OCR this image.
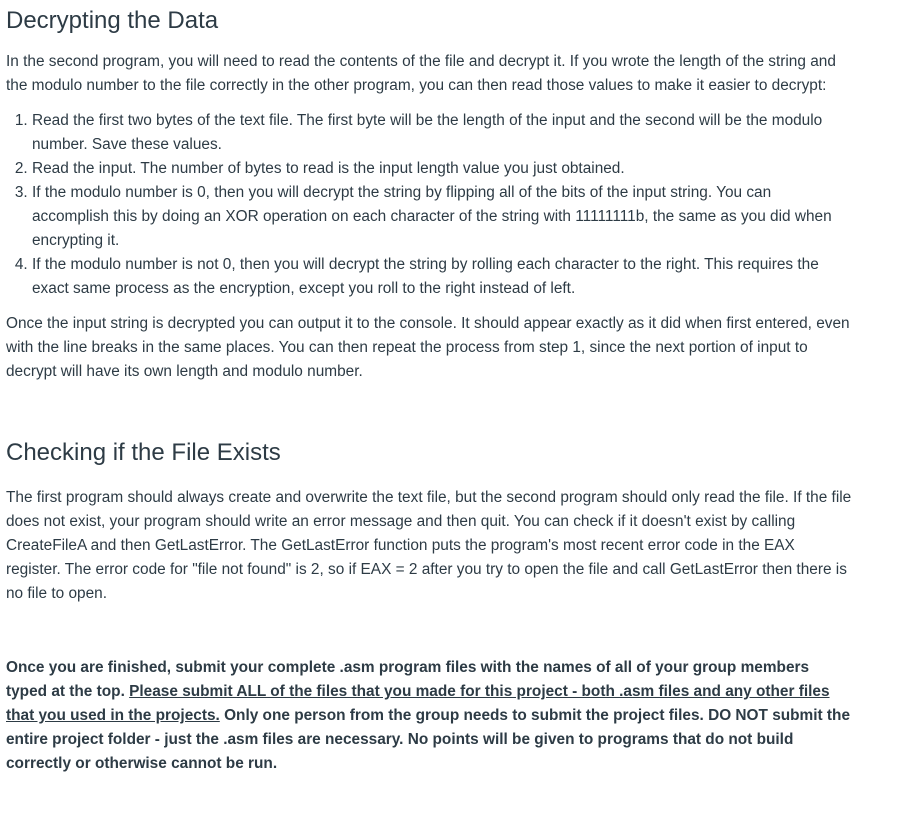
Decrypting the Data

In the second program, you will need to read the contents of the file and decrypt it. If you wrote the length of the string and the modulo number to the file correctly in the other program, you can then read those values to make it easier to decrypt:

1. Read the first two bytes of the text file. The first byte will be the length of the input and the second will be the modulo number. Save these values.
2. Read the input. The number of bytes to read is the input length value you just obtained.
3. If the modulo number is 0, then you will decrypt the string by flipping all of the bits of the input string. You can accomplish this by doing an XOR operation on each character of the string with 11111111b, the same as you did when encrypting it.
4. If the modulo number is not 0, then you will decrypt the string by rolling each character to the right. This requires the exact same process as the encryption, except you roll to the right instead of left.

Once the input string is decrypted you can output it to the console. It should appear exactly as it did when first entered, even with the line breaks in the same places. You can then repeat the process from step 1, since the next portion of input to decrypt will have its own length and modulo number.

Checking if the File Exists

The first program should always create and overwrite the text file, but the second program should only read the file. If the file does not exist, your program should write an error message and then quit. You can check if it doesn't exist by calling CreateFileA and then GetLastError. The GetLastError function puts the program's most recent error code in the EAX register. The error code for "file not found" is 2, so if EAX = 2 after you try to open the file and call GetLastError then there is no file to open.

Once you are finished, submit your complete .asm program files with the names of all of your group members typed at the top. Please submit ALL of the files that you made for this project - both .asm files and any other files that you used in the projects. Only one person from the group needs to submit the project files. DO NOT submit the entire project folder - just the .asm files are necessary. No points will be given to programs that do not build correctly or otherwise cannot be run.
